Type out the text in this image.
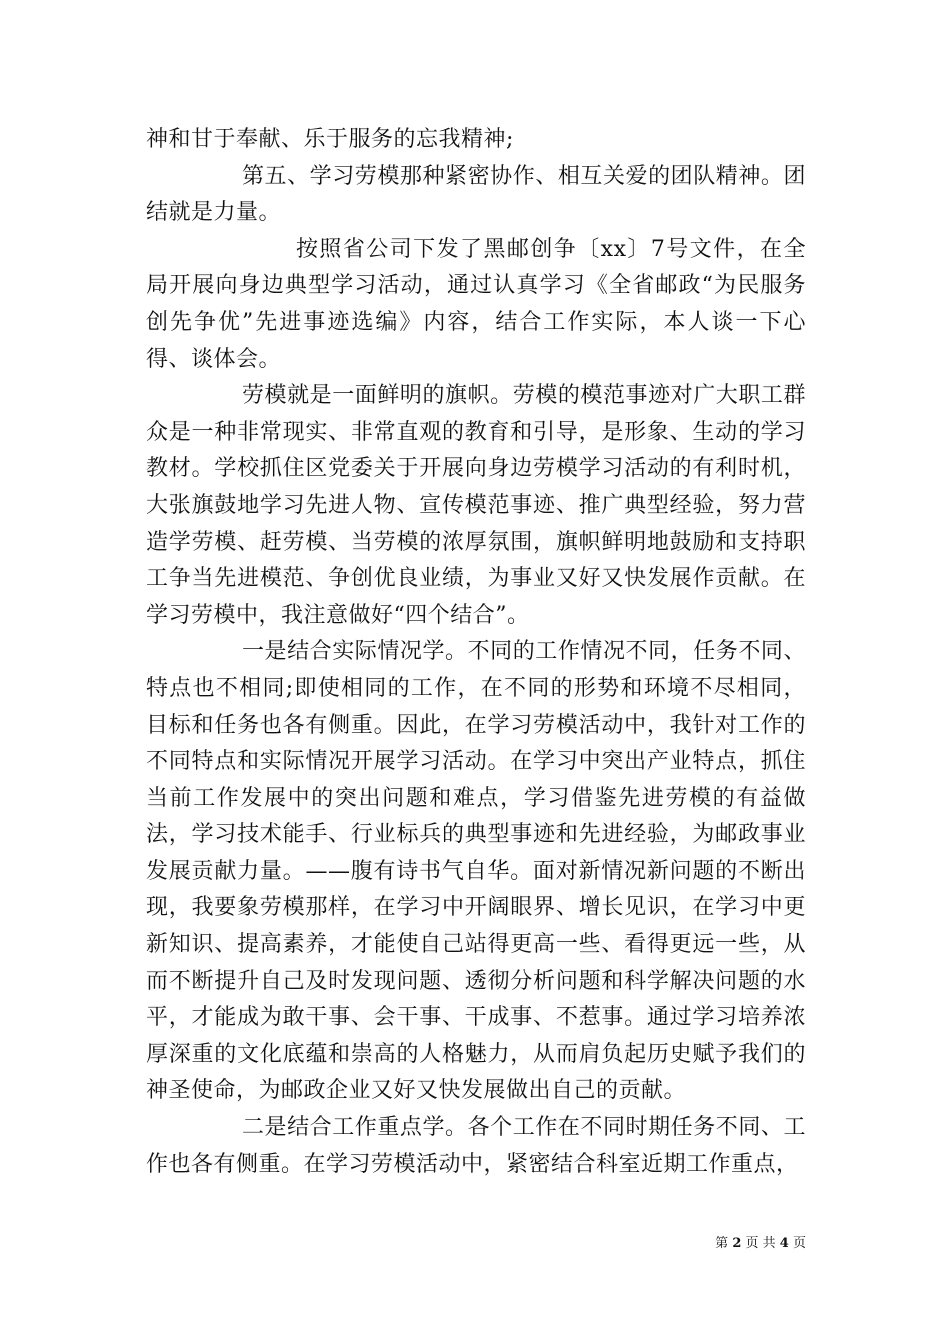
神和甘于奉献、乐于服务的忘我精神;

第五、学习劳模那种紧密协作、相互关爱的团队精神。团结就是力量。

按照省公司下发了黑邮创争〔xx〕7号文件，在全局开展向身边典型学习活动，通过认真学习《全省邮政“为民服务创先争优”先进事迹选编》内容，结合工作实际，本人谈一下心得、谈体会。

劳模就是一面鲜明的旗帜。劳模的模范事迹对广大职工群众是一种非常现实、非常直观的教育和引导，是形象、生动的学习教材。学校抓住区党委关于开展向身边劳模学习活动的有利时机，大张旗鼓地学习先进人物、宣传模范事迹、推广典型经验，努力营造学劳模、赶劳模、当劳模的浓厚氛围，旗帜鲜明地鼓励和支持职工争当先进模范、争创优良业绩，为事业又好又快发展作贡献。在学习劳模中，我注意做好“四个结合”。

一是结合实际情况学。不同的工作情况不同，任务不同、特点也不相同;即使相同的工作，在不同的形势和环境不尽相同，目标和任务也各有侧重。因此，在学习劳模活动中，我针对工作的不同特点和实际情况开展学习活动。在学习中突出产业特点，抓住当前工作发展中的突出问题和难点，学习借鉴先进劳模的有益做法，学习技术能手、行业标兵的典型事迹和先进经验，为邮政事业发展贡献力量。——腹有诗书气自华。面对新情况新问题的不断出现，我要象劳模那样，在学习中开阔眼界、增长见识，在学习中更新知识、提高素养，才能使自己站得更高一些、看得更远一些，从而不断提升自己及时发现问题、透彻分析问题和科学解决问题的水平，才能成为敢干事、会干事、干成事、不惹事。通过学习培养浓厚深重的文化底蕴和崇高的人格魅力，从而肩负起历史赋予我们的神圣使命，为邮政企业又好又快发展做出自己的贡献。

二是结合工作重点学。各个工作在不同时期任务不同、工作也各有侧重。在学习劳模活动中，紧密结合科室近期工作重点，

第 2 页 共 4 页
